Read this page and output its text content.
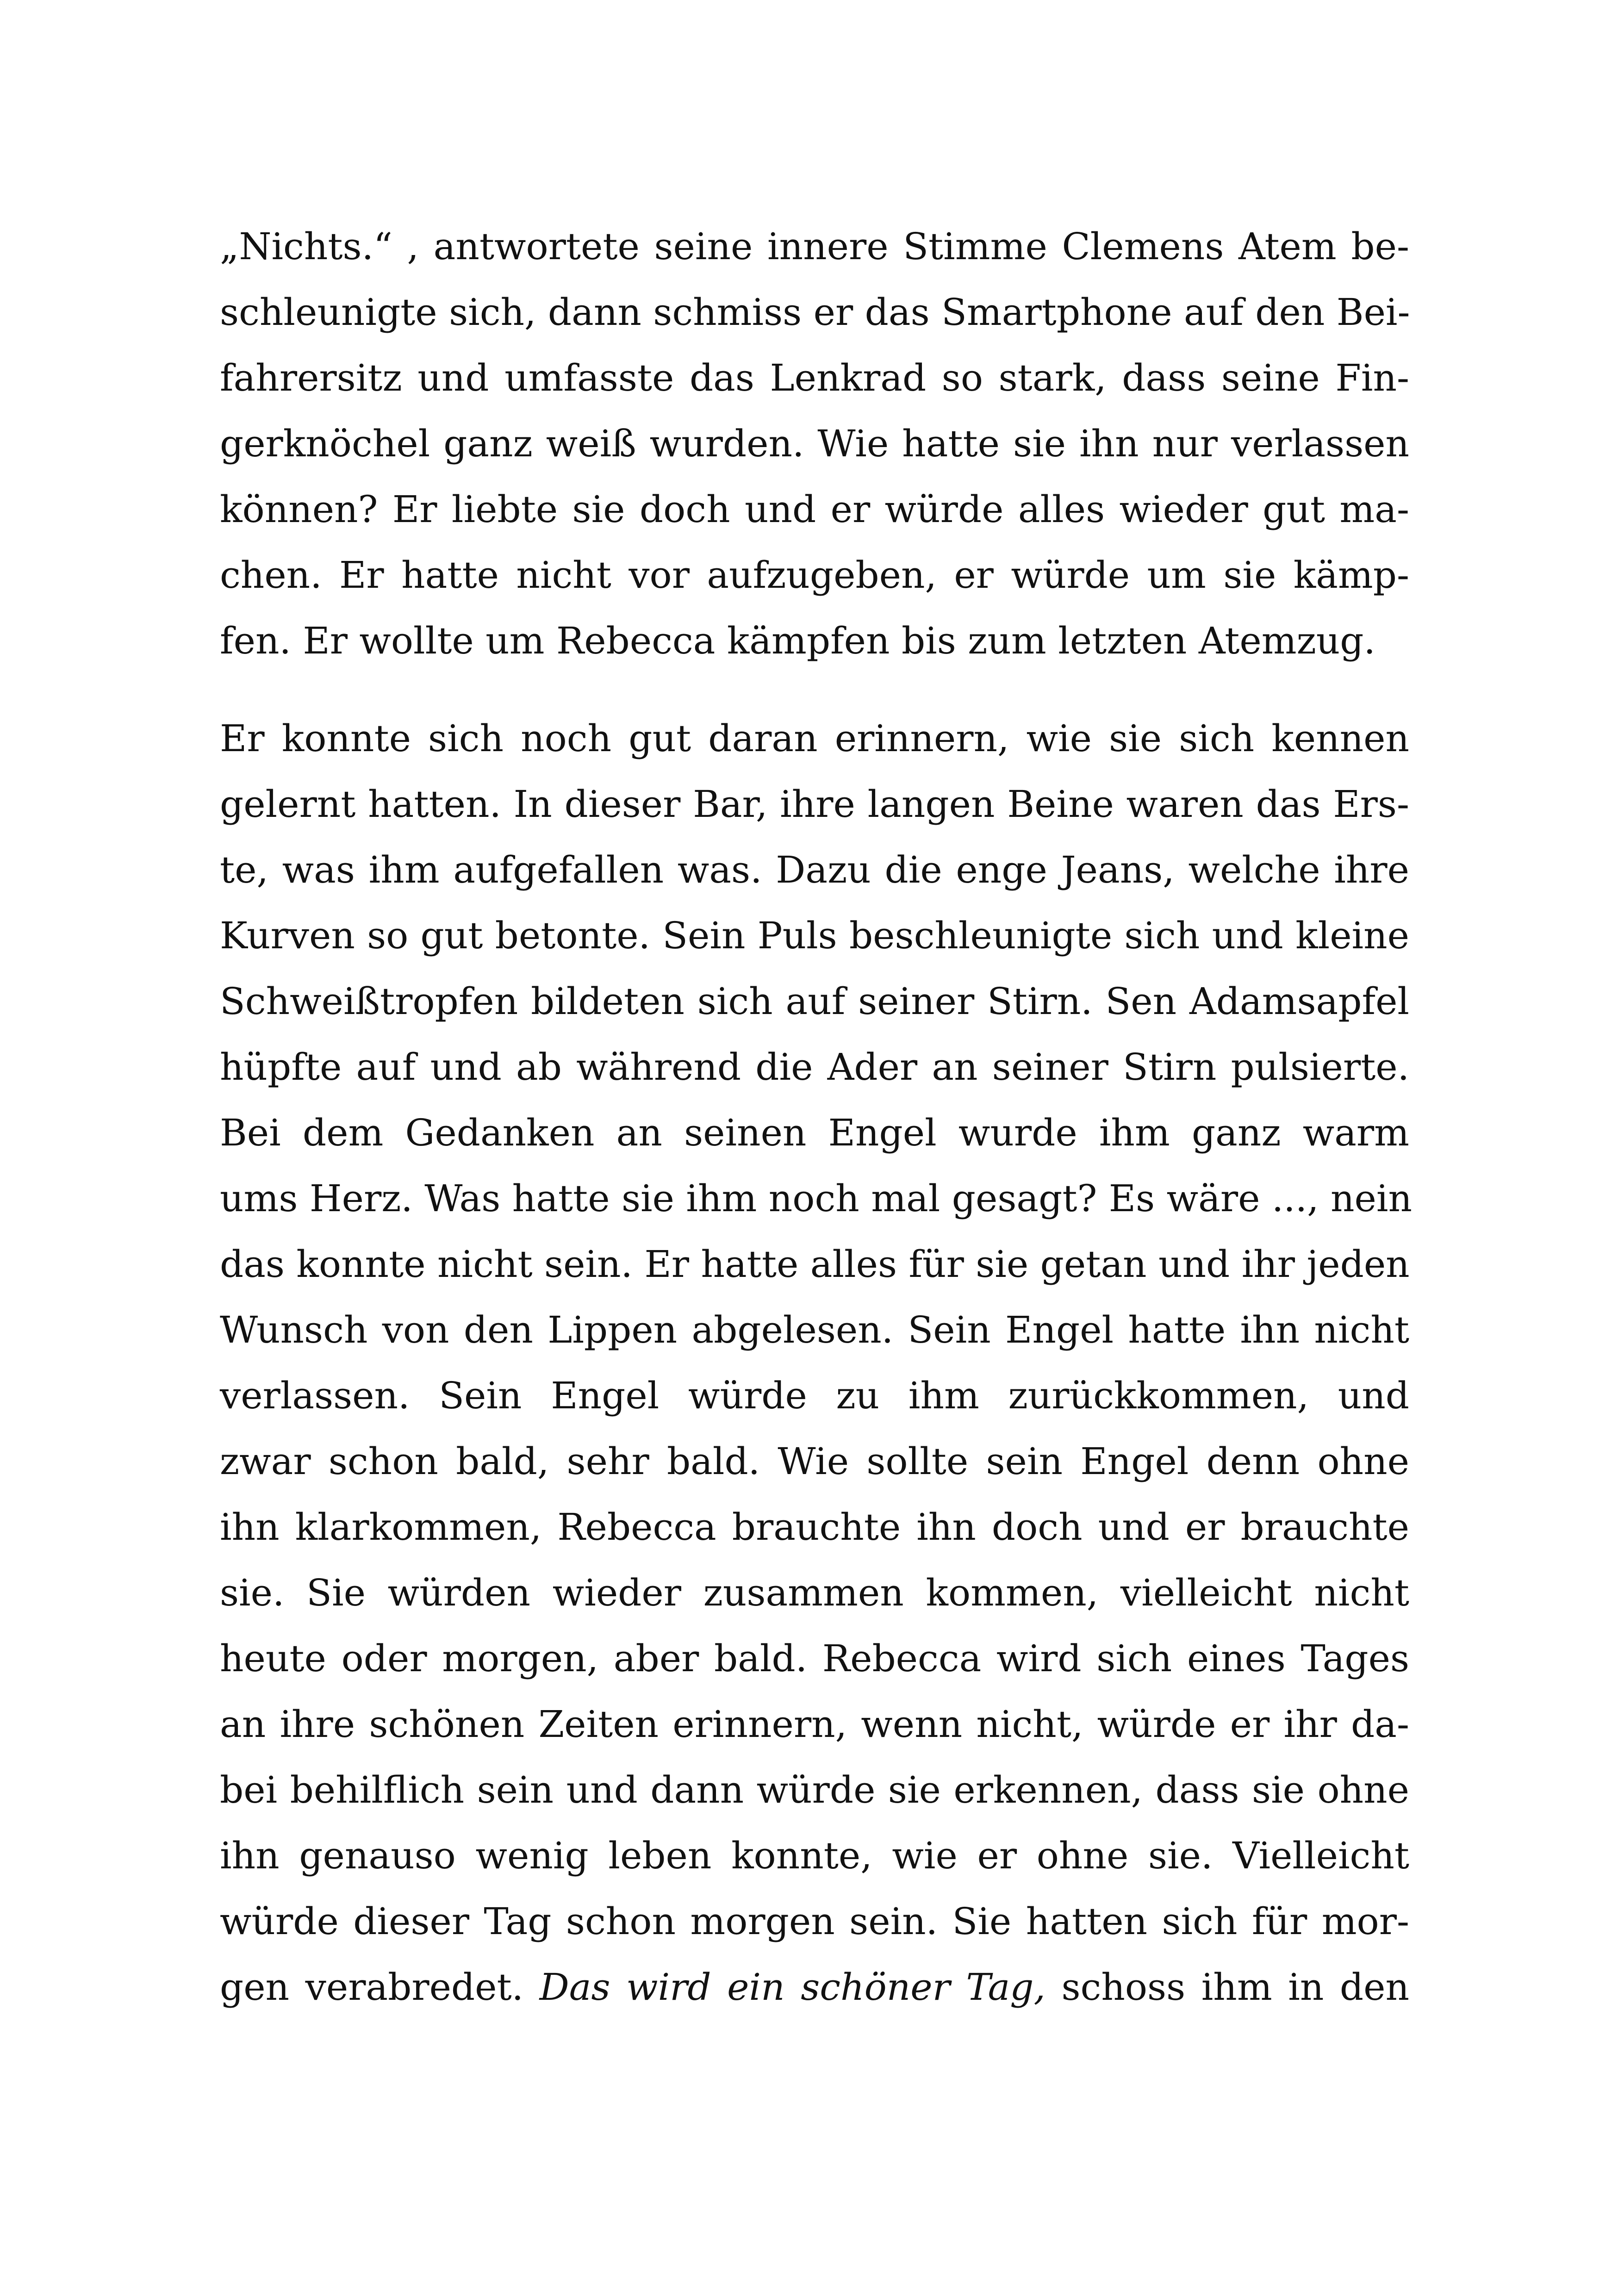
„Nichts.“ , antwortete seine innere Stimme Clemens Atem be-
schleunigte sich, dann schmiss er das Smartphone auf den Bei-
fahrersitz und umfasste das Lenkrad so stark, dass seine Fin-
gerknöchel ganz weiß wurden. Wie hatte sie ihn nur verlassen
können? Er liebte sie doch und er würde alles wieder gut ma-
chen. Er hatte nicht vor aufzugeben, er würde um sie kämp-
fen. Er wollte um Rebecca kämpfen bis zum letzten Atemzug.
Er konnte sich noch gut daran erinnern, wie sie sich kennen
gelernt hatten. In dieser Bar, ihre langen Beine waren das Ers-
te, was ihm aufgefallen was. Dazu die enge Jeans, welche ihre
Kurven so gut betonte. Sein Puls beschleunigte sich und kleine
Schweißtropfen bildeten sich auf seiner Stirn. Sen Adamsapfel
hüpfte auf und ab während die Ader an seiner Stirn pulsierte.
Bei dem Gedanken an seinen Engel wurde ihm ganz warm
ums Herz. Was hatte sie ihm noch mal gesagt? Es wäre ..., nein
das konnte nicht sein. Er hatte alles für sie getan und ihr jeden
Wunsch von den Lippen abgelesen. Sein Engel hatte ihn nicht
verlassen. Sein Engel würde zu ihm zurückkommen, und
zwar schon bald, sehr bald. Wie sollte sein Engel denn ohne
ihn klarkommen, Rebecca brauchte ihn doch und er brauchte
sie. Sie würden wieder zusammen kommen, vielleicht nicht
heute oder morgen, aber bald. Rebecca wird sich eines Tages
an ihre schönen Zeiten erinnern, wenn nicht, würde er ihr da-
bei behilflich sein und dann würde sie erkennen, dass sie ohne
ihn genauso wenig leben konnte, wie er ohne sie. Vielleicht
würde dieser Tag schon morgen sein. Sie hatten sich für mor-
gen verabredet. Das wird ein schöner Tag, schoss ihm in den
